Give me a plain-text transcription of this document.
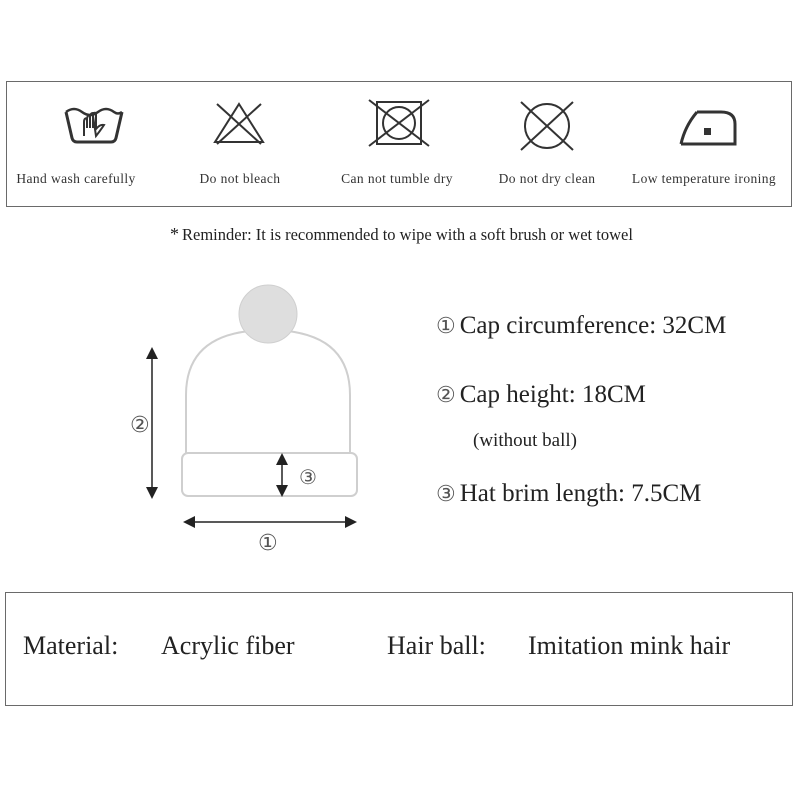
Hand wash carefully	Do not bleach	Can not tumble dry	Do not dry clean	Low temperature ironing
* Reminder: It is recommended to wipe with a soft brush or wet towel
②
③
①
① Cap circumference: 32CM
② Cap height: 18CM
(without ball)
③ Hat brim length: 7.5CM
Material: Acrylic fiber	Hair ball: Imitation mink hair
